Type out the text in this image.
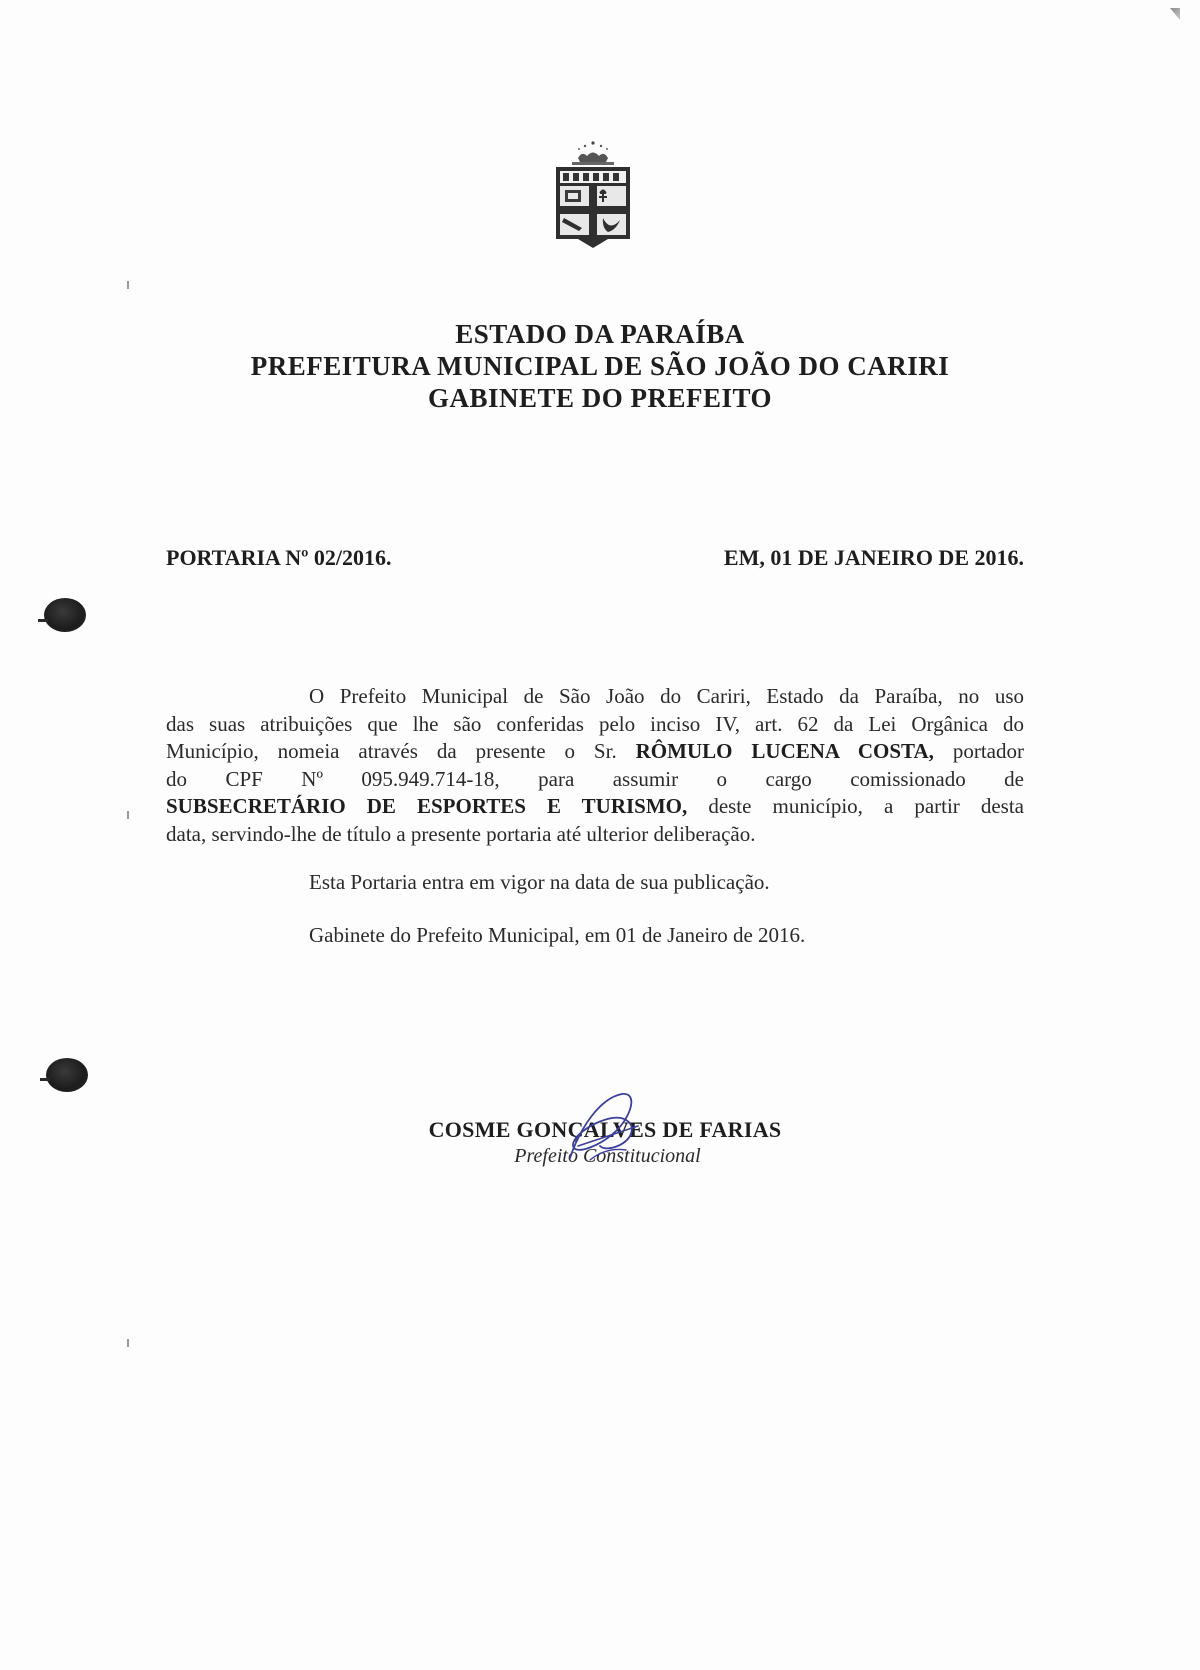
ESTADO DA PARAÍBA
PREFEITURA MUNICIPAL DE SÃO JOÃO DO CARIRI
GABINETE DO PREFEITO
PORTARIA Nº 02/2016.	EM, 01 DE JANEIRO DE 2016.
O Prefeito Municipal de São João do Cariri, Estado da Paraíba, no uso
das suas atribuições que lhe são conferidas pelo inciso IV, art. 62 da Lei Orgânica do
Município, nomeia através da presente o Sr. RÔMULO LUCENA COSTA, portador
do CPF Nº 095.949.714-18, para assumir o cargo comissionado de
SUBSECRETÁRIO DE ESPORTES E TURISMO, deste município, a partir desta
data, servindo-lhe de título a presente portaria até ulterior deliberação.
Esta Portaria entra em vigor na data de sua publicação.
Gabinete do Prefeito Municipal, em 01 de Janeiro de 2016.
COSME GONÇALVES DE FARIAS
Prefeito Constitucional
